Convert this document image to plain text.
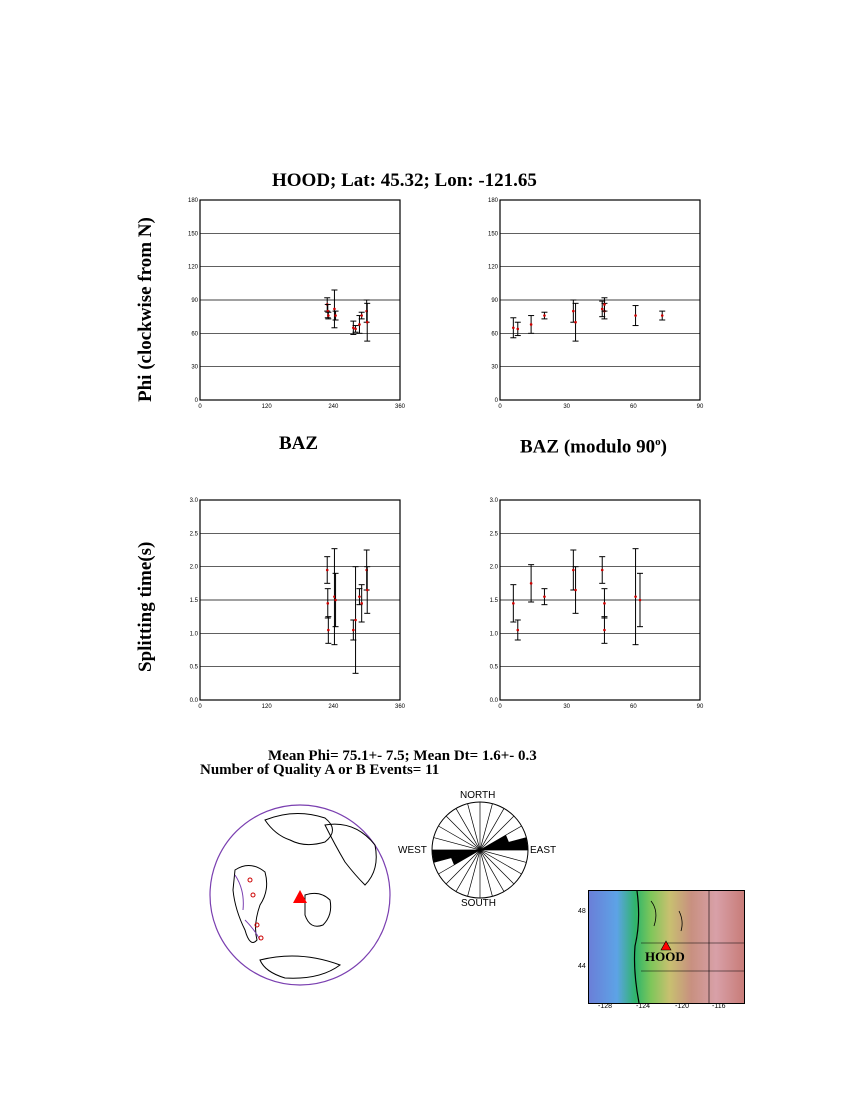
HOOD; Lat: 45.32; Lon: -121.65
Phi (clockwise from N)
Splitting time(s)
BAZ	BAZ (modulo 90$^o$)
0
30
60
90
120
150
180
0	120	240	360
0
30
60
90
120
150
180
0	30	60	90
0.0
0.5
1.0
1.5
2.0
2.5
3.0
0	120	240	360
0.0
0.5
1.0
1.5
2.0
2.5
3.0
0	30	60	90
Mean Phi= 75.1+- 7.5; Mean Dt= 1.6+- 0.3
Number of Quality A or B Events= 11
NORTH
SOUTH
WEST	EAST
HOOD
48
44
-128	-124	-120	-116
